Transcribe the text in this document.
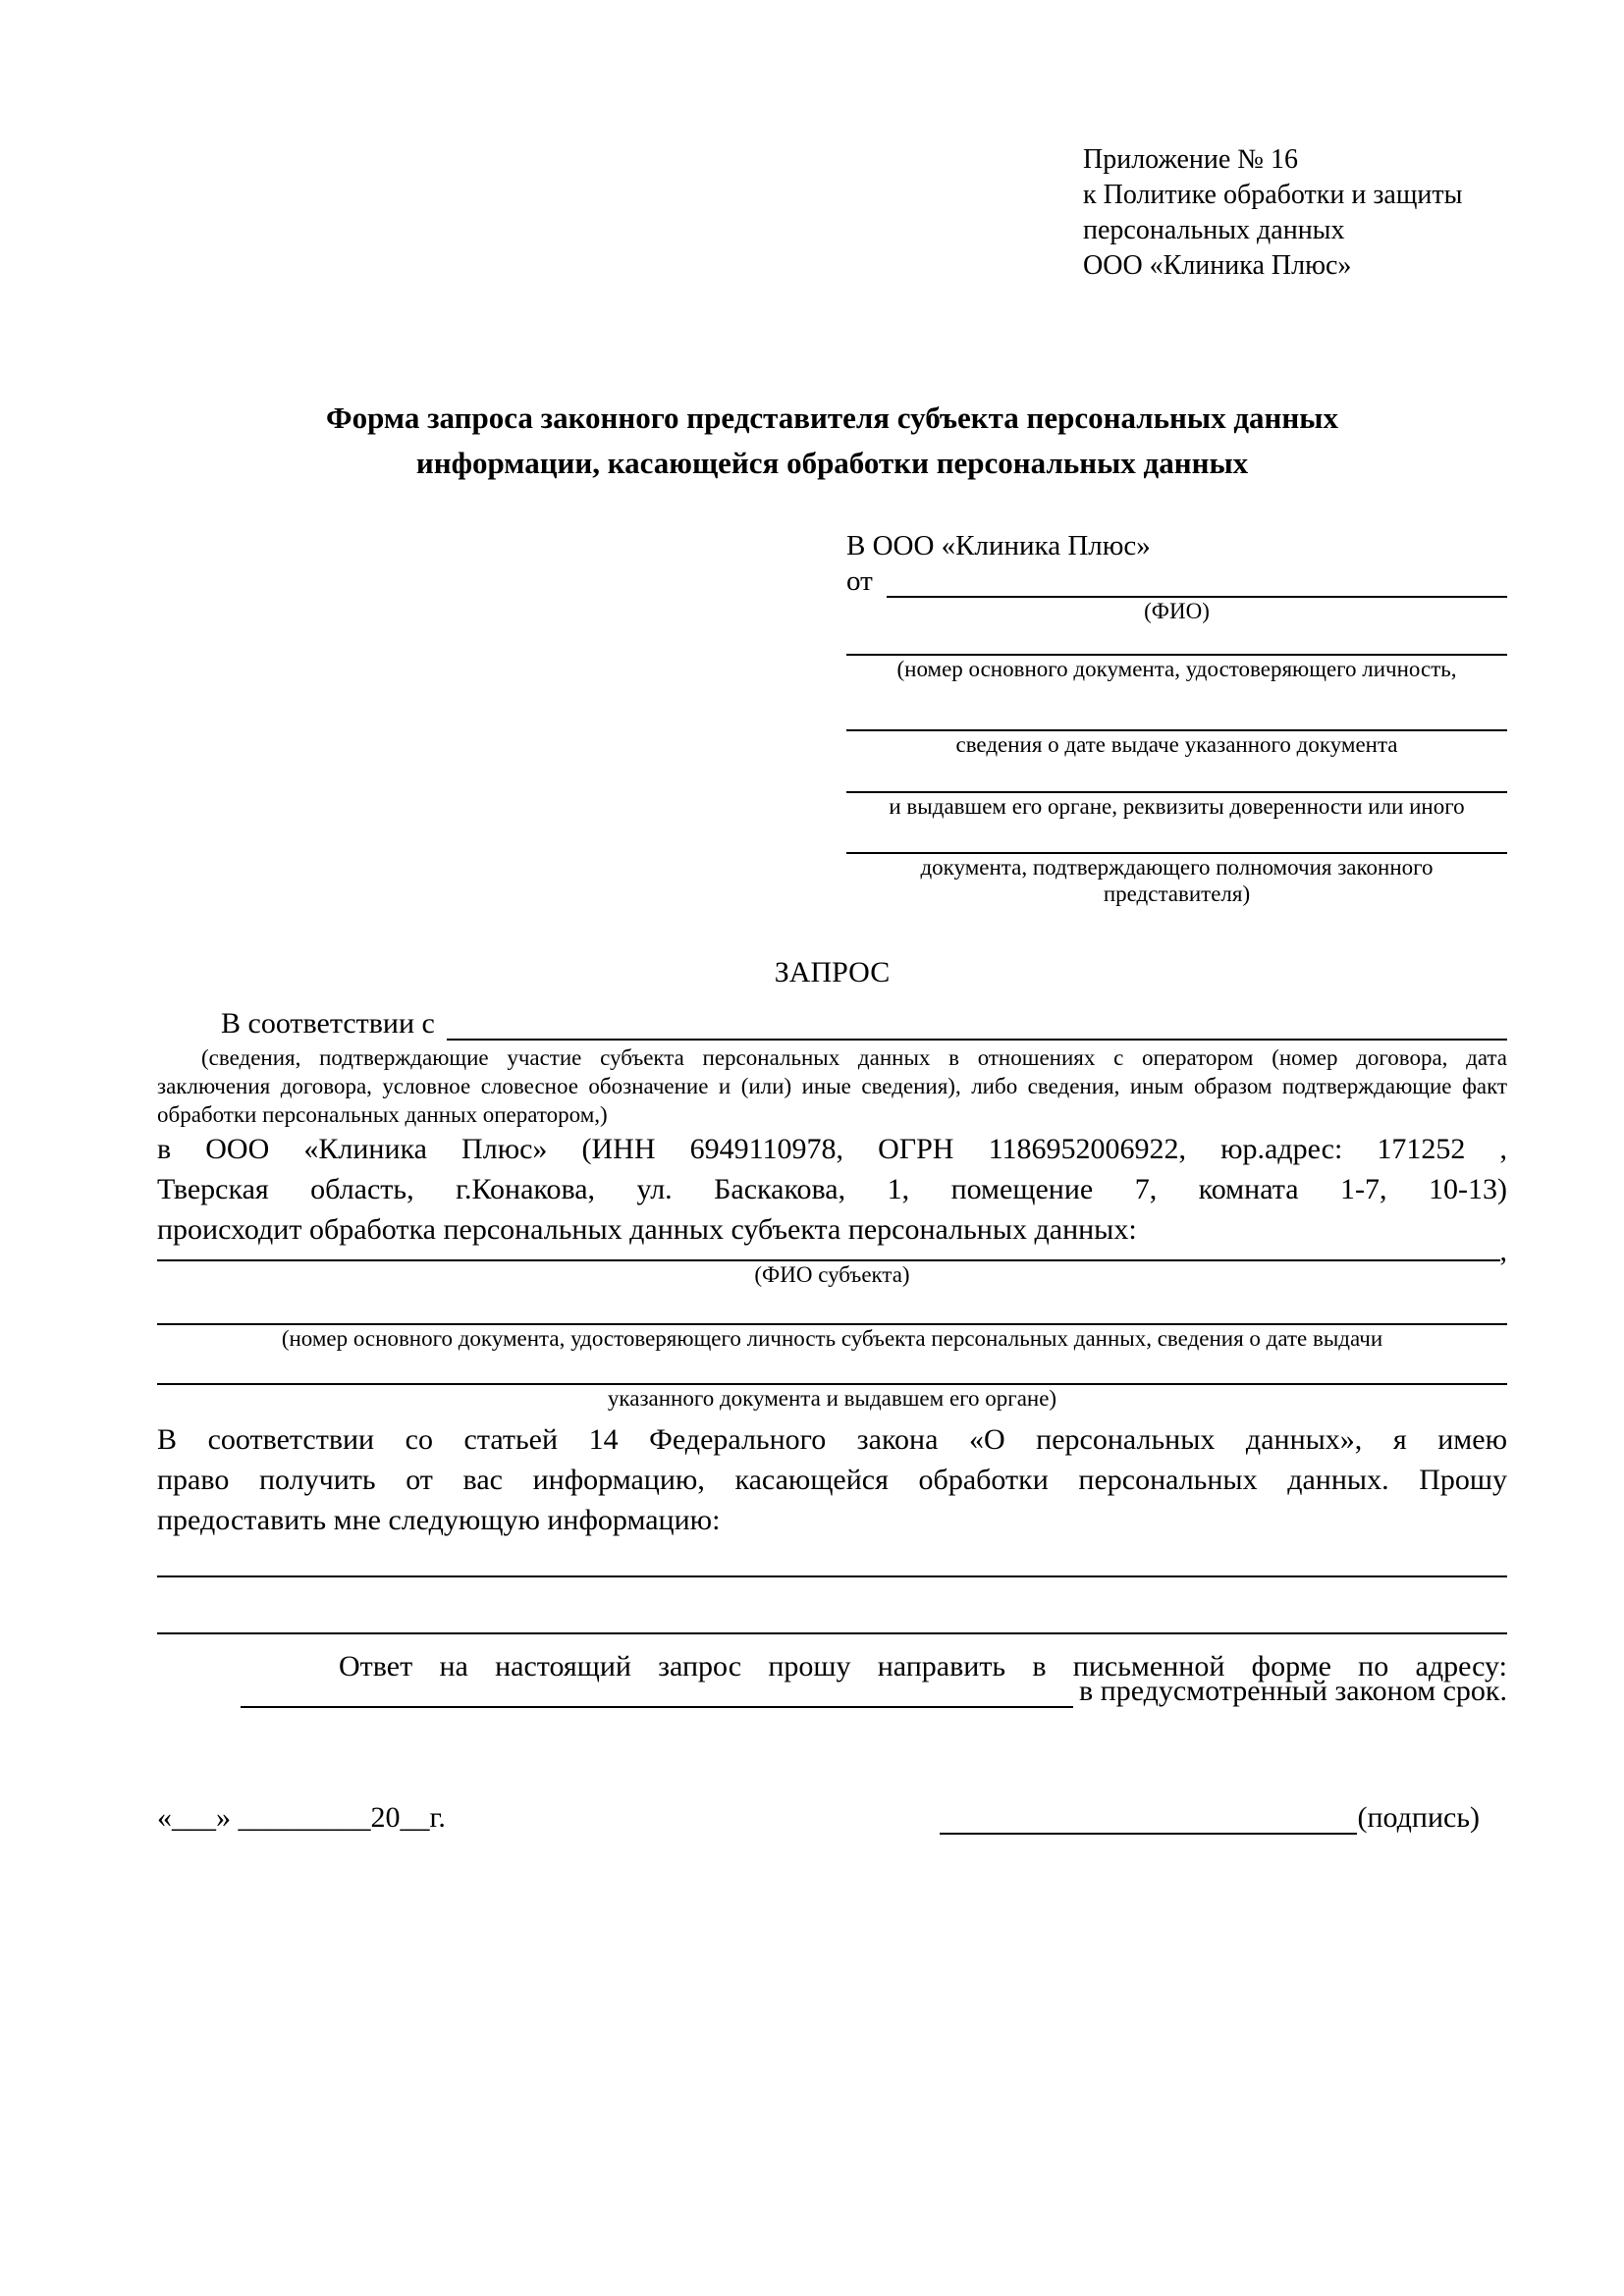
Приложение № 16
к Политике обработки и защиты
персональных данных
ООО «Клиника Плюс»
Форма запроса законного представителя субъекта персональных данных
информации, касающейся обработки персональных данных
В ООО «Клиника Плюс»
от
(ФИО)
(номер основного документа, удостоверяющего личность,
сведения о дате выдаче указанного документа
и выдавшем его органе, реквизиты доверенности или иного
документа, подтверждающего полномочия законного представителя)
ЗАПРОС
В соответствии с
(сведения, подтверждающие участие субъекта персональных данных в отношениях с оператором (номер договора, дата
заключения договора, условное словесное обозначение и (или) иные сведения), либо сведения, иным образом подтверждающие факт
обработки персональных данных оператором,)
в ООО «Клиника Плюс» (ИНН 6949110978, ОГРН 1186952006922, юр.адрес: 171252 ,
Тверская область, г.Конакова, ул. Баскакова, 1, помещение 7, комната 1-7, 10-13)
происходит обработка персональных данных субъекта персональных данных:
,
(ФИО субъекта)
(номер основного документа, удостоверяющего личность субъекта персональных данных, сведения о дате выдачи
указанного документа и выдавшем его органе)
В соответствии со статьей 14 Федерального закона «О персональных данных», я имею
право получить от вас информацию, касающейся обработки персональных данных. Прошу
предоставить мне следующую информацию:
Ответ на настоящий запрос прошу направить в письменной форме по адресу:
в предусмотренный законом срок.
«___» _________20__г.	(подпись)
